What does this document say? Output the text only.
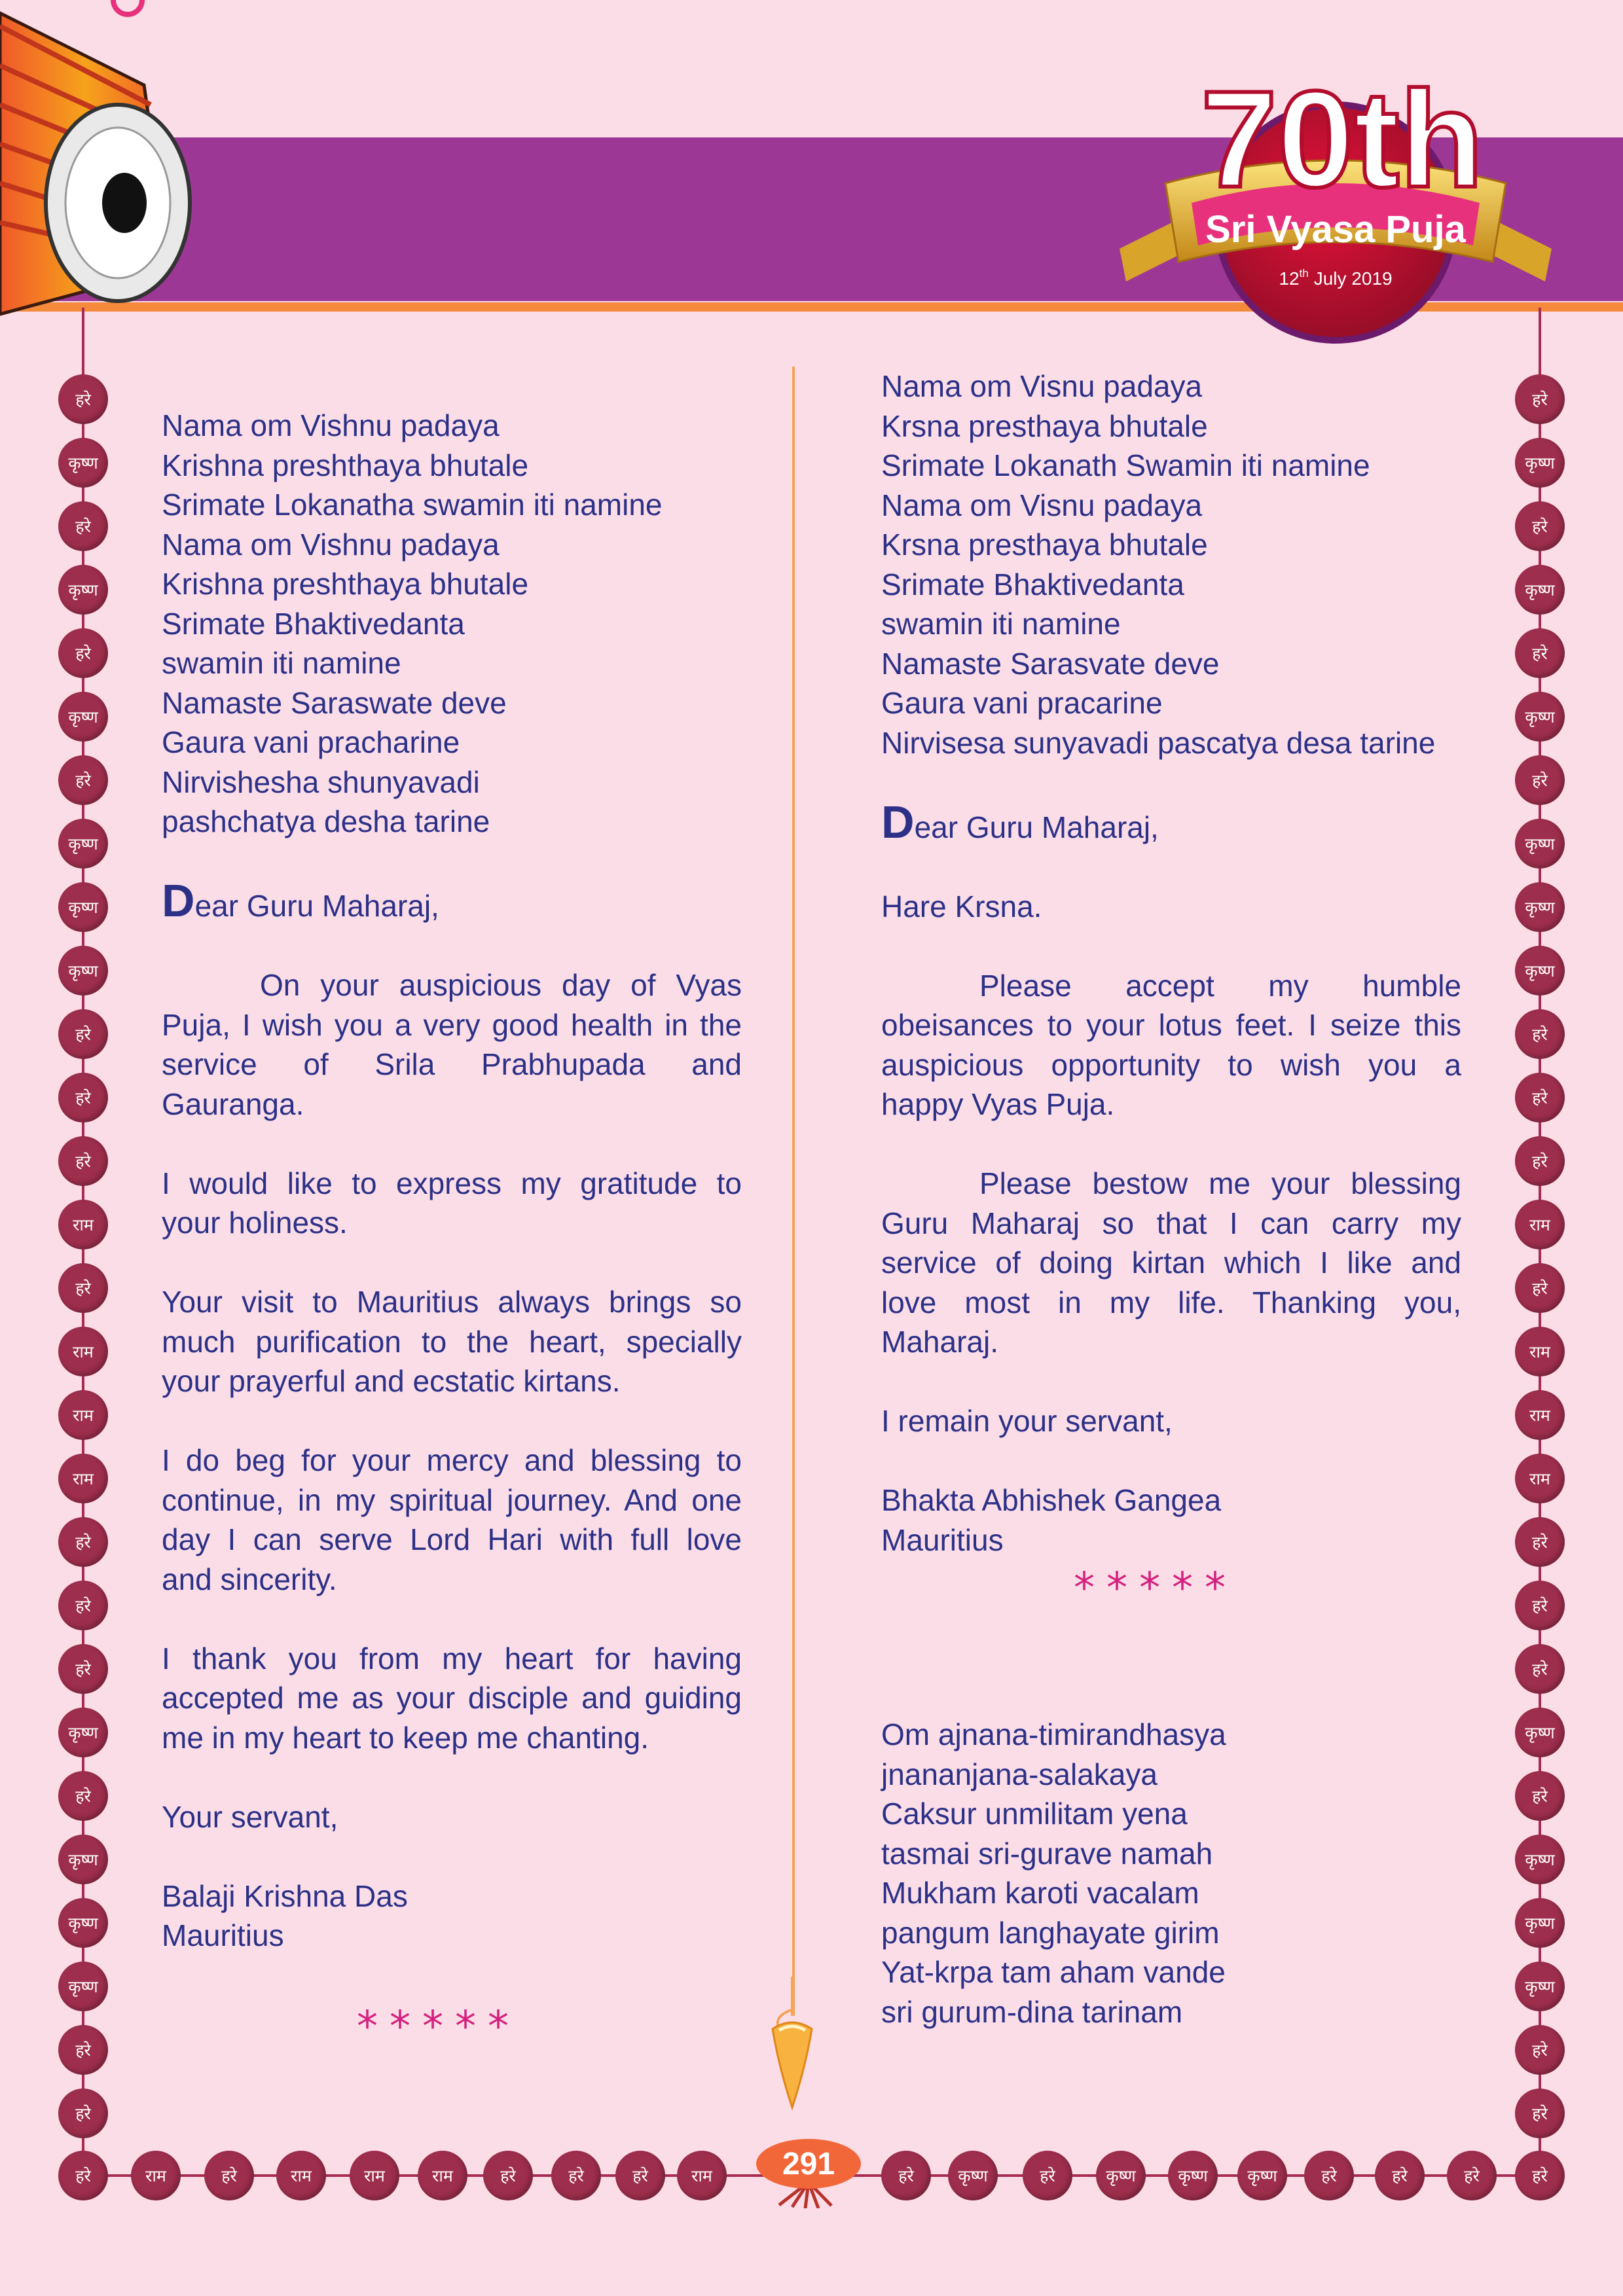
70th
Sri Vyasa Puja
12th July 2019
हरे
कृष्ण
हरे
कृष्ण
हरे
कृष्ण
हरे
कृष्ण
कृष्ण
कृष्ण
हरे
हरे
हरे
राम
हरे
राम
राम
राम
हरे
हरे
हरे
कृष्ण
हरे
कृष्ण
कृष्ण
कृष्ण
हरे
हरे
हरे
कृष्ण
हरे
कृष्ण
हरे
कृष्ण
हरे
कृष्ण
कृष्ण
कृष्ण
हरे
हरे
हरे
राम
हरे
राम
राम
राम
हरे
हरे
हरे
कृष्ण
हरे
कृष्ण
कृष्ण
कृष्ण
हरे
हरे
हरे	राम	हरे	राम	राम	राम	हरे	हरे	हरे	राम	हरे	कृष्ण	हरे	कृष्ण	कृष्ण	कृष्ण	हरे	हरे	हरे	हरे

Nama om Vishnu padaya

Krishna preshthaya bhutale

Srimate Lokanatha swamin iti namine

Nama om Vishnu padaya

Krishna preshthaya bhutale

Srimate Bhaktivedanta

swamin iti namine

Namaste Saraswate deve

Gaura vani pracharine

Nirvishesha shunyavadi

pashchatya desha tarine

Dear Guru Maharaj,

On your auspicious day of Vyas

Puja, I wish you a very good health in the

service of Srila Prabhupada and

Gauranga.

I would like to express my gratitude to

your holiness.

Your visit to Mauritius always brings so

much purification to the heart, specially

your prayerful and ecstatic kirtans.

I do beg for your mercy and blessing to

continue, in my spiritual journey. And one

day I can serve Lord Hari with full love

and sincerity.

I thank you from my heart for having

accepted me as your disciple and guiding

me in my heart to keep me chanting.

Your servant,

Balaji Krishna Das

Mauritius

*****

Nama om Visnu padaya

Krsna presthaya bhutale

Srimate Lokanath Swamin iti namine

Nama om Visnu padaya

Krsna presthaya bhutale

Srimate Bhaktivedanta

swamin iti namine

Namaste Sarasvate deve

Gaura vani pracarine

Nirvisesa sunyavadi pascatya desa tarine

Dear Guru Maharaj,

Hare Krsna.

Please accept my humble

obeisances to your lotus feet. I seize this

auspicious opportunity to wish you a

happy Vyas Puja.

Please bestow me your blessing

Guru Maharaj so that I can carry my

service of doing kirtan which I like and

love most in my life. Thanking you,

Maharaj.

I remain your servant,

Bhakta Abhishek Gangea

Mauritius

*****

Om ajnana-timirandhasya

jnananjana-salakaya

Caksur unmilitam yena

tasmai sri-gurave namah

Mukham karoti vacalam

pangum langhayate girim

Yat-krpa tam aham vande

sri gurum-dina tarinam

291
